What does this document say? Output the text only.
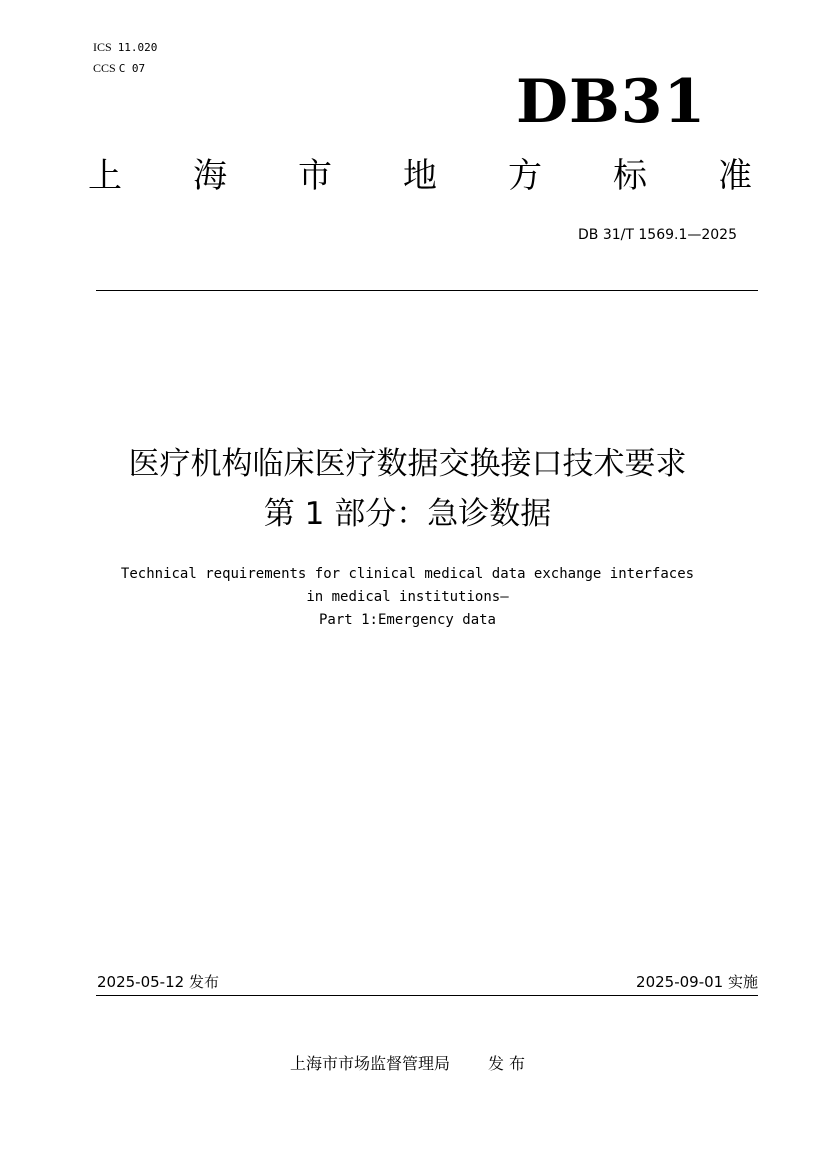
ICS 11.020
CCS C 07	DB31
上 海 市 地 方 标 准
DB 31/T 1569.1—2025
医疗机构临床医疗数据交换接口技术要求
第 1 部分：急诊数据
Technical requirements for clinical medical data exchange interfaces
in medical institutions—
Part 1:Emergency data
2025-05-12 发布	2025-09-01 实施
上海市市场监督管理局 发 布
